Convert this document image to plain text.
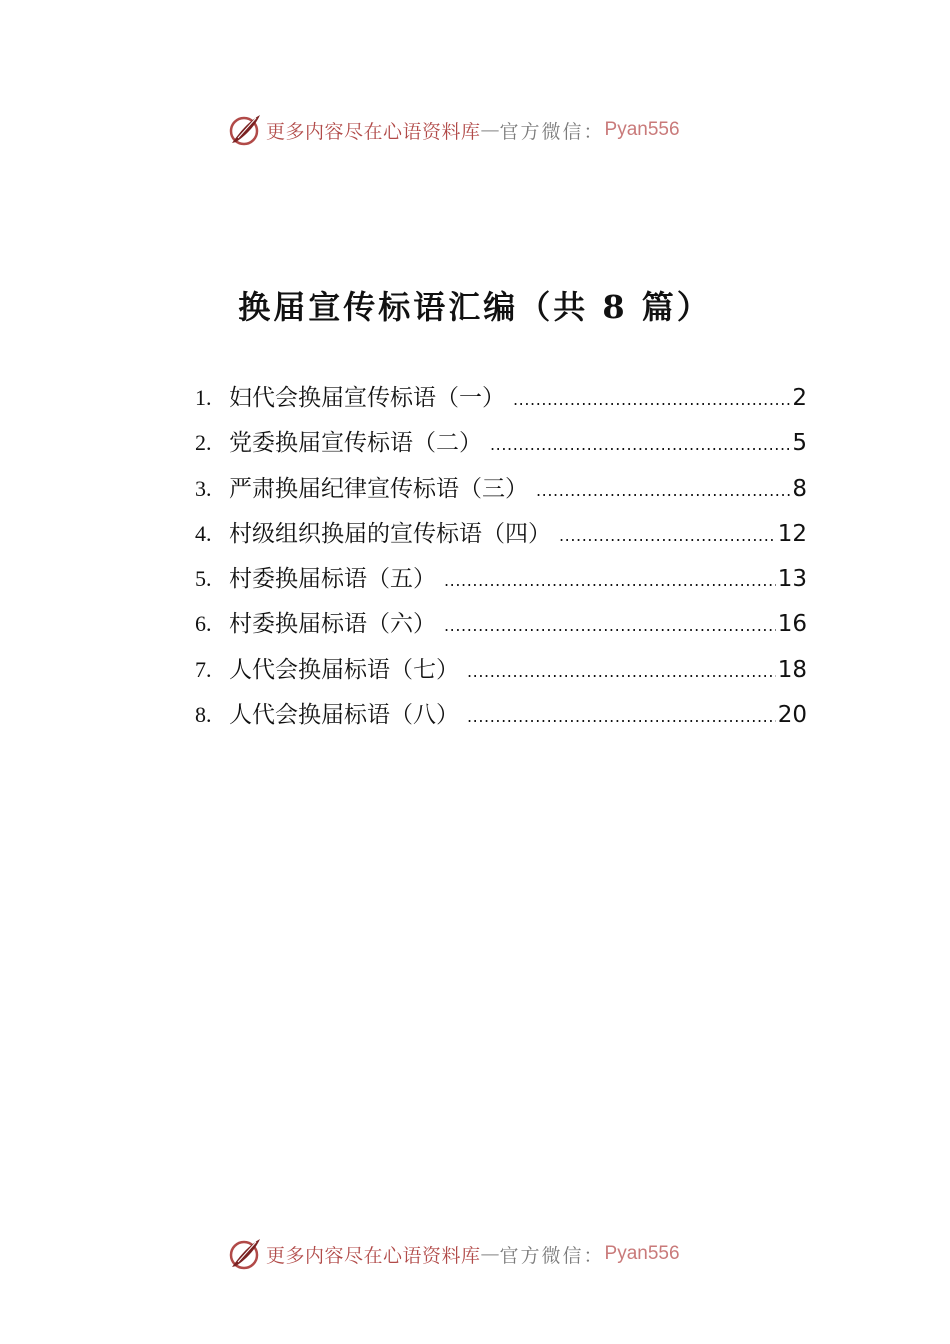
更多内容尽在心语资料库 — 官方微信： Pyan556
换届宣传标语汇编（共 8 篇）
1. 妇代会换届宣传标语（一） .....	2
2. 党委换届宣传标语（二） .....	5
3. 严肃换届纪律宣传标语（三） .....	8
4. 村级组织换届的宣传标语（四） .....	12
5. 村委换届标语（五） .....	13
6. 村委换届标语（六） .....	16
7. 人代会换届标语（七） .....	18
8. 人代会换届标语（八） .....	20
更多内容尽在心语资料库 — 官方微信： Pyan556
